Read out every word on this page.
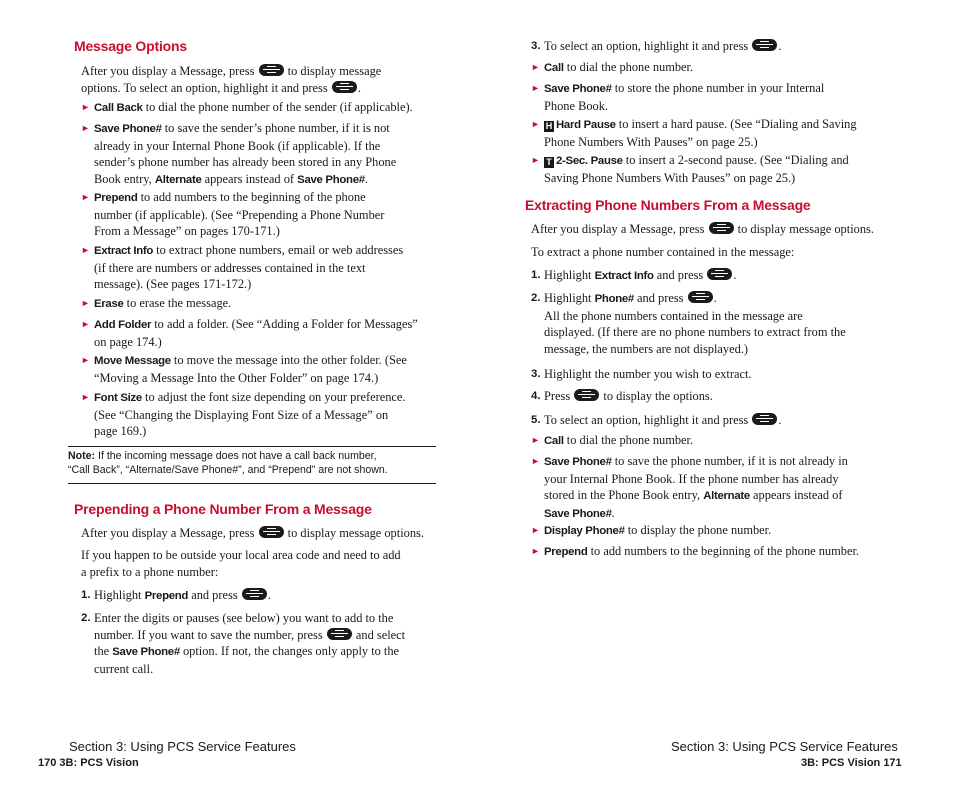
Message Options
After you display a Message, press	to display message
options. To select an option, highlight it and press .
► Call Back to dial the phone number of the sender (if applicable).
► Save Phone# to save the sender’s phone number, if it is not
already in your Internal Phone Book (if applicable). If the
sender’s phone number has already been stored in any Phone
Book entry, Alternate appears instead of Save Phone#.
► Prepend to add numbers to the beginning of the phone
number (if applicable). (See “Prepending a Phone Number
From a Message” on pages 170-171.)
► Extract Info to extract phone numbers, email or web addresses
(if there are numbers or addresses contained in the text
message). (See pages 171-172.)
► Erase to erase the message.
► Add Folder to add a folder. (See “Adding a Folder for Messages”
on page 174.)
► Move Message to move the message into the other folder. (See
“Moving a Message Into the Other Folder” on page 174.)
► Font Size to adjust the font size depending on your preference.
(See “Changing the Displaying Font Size of a Message” on
page 169.)
Note: If the incoming message does not have a call back number,
“Call Back”, “Alternate/Save Phone#”, and “Prepend” are not shown.
Prepending a Phone Number From a Message
After you display a Message, press	to display message options.
If you happen to be outside your local area code and need to add
a prefix to a phone number:
1. Highlight Prepend and press .
2. Enter the digits or pauses (see below) you want to add to the
number. If you want to save the number, press	and select
the Save Phone# option. If not, the changes only apply to the
current call.
Section 3: Using PCS Service Features
170 3B: PCS Vision
3. To select an option, highlight it and press .
► Call to dial the phone number.
► Save Phone# to store the phone number in your Internal
Phone Book.
► H Hard Pause to insert a hard pause. (See “Dialing and Saving
Phone Numbers With Pauses” on page 25.)
► T 2-Sec. Pause to insert a 2-second pause. (See “Dialing and
Saving Phone Numbers With Pauses” on page 25.)
Extracting Phone Numbers From a Message
After you display a Message, press	to display message options.
To extract a phone number contained in the message:
1. Highlight Extract Info and press .
2. Highlight Phone# and press .
All the phone numbers contained in the message are
displayed. (If there are no phone numbers to extract from the
message, the numbers are not displayed.)
3. Highlight the number you wish to extract.
4. Press	to display the options.
5. To select an option, highlight it and press .
► Call to dial the phone number.
► Save Phone# to save the phone number, if it is not already in
your Internal Phone Book. If the phone number has already
stored in the Phone Book entry, Alternate appears instead of
Save Phone#.
► Display Phone# to display the phone number.
► Prepend to add numbers to the beginning of the phone number.
Section 3: Using PCS Service Features
3B: PCS Vision 171
